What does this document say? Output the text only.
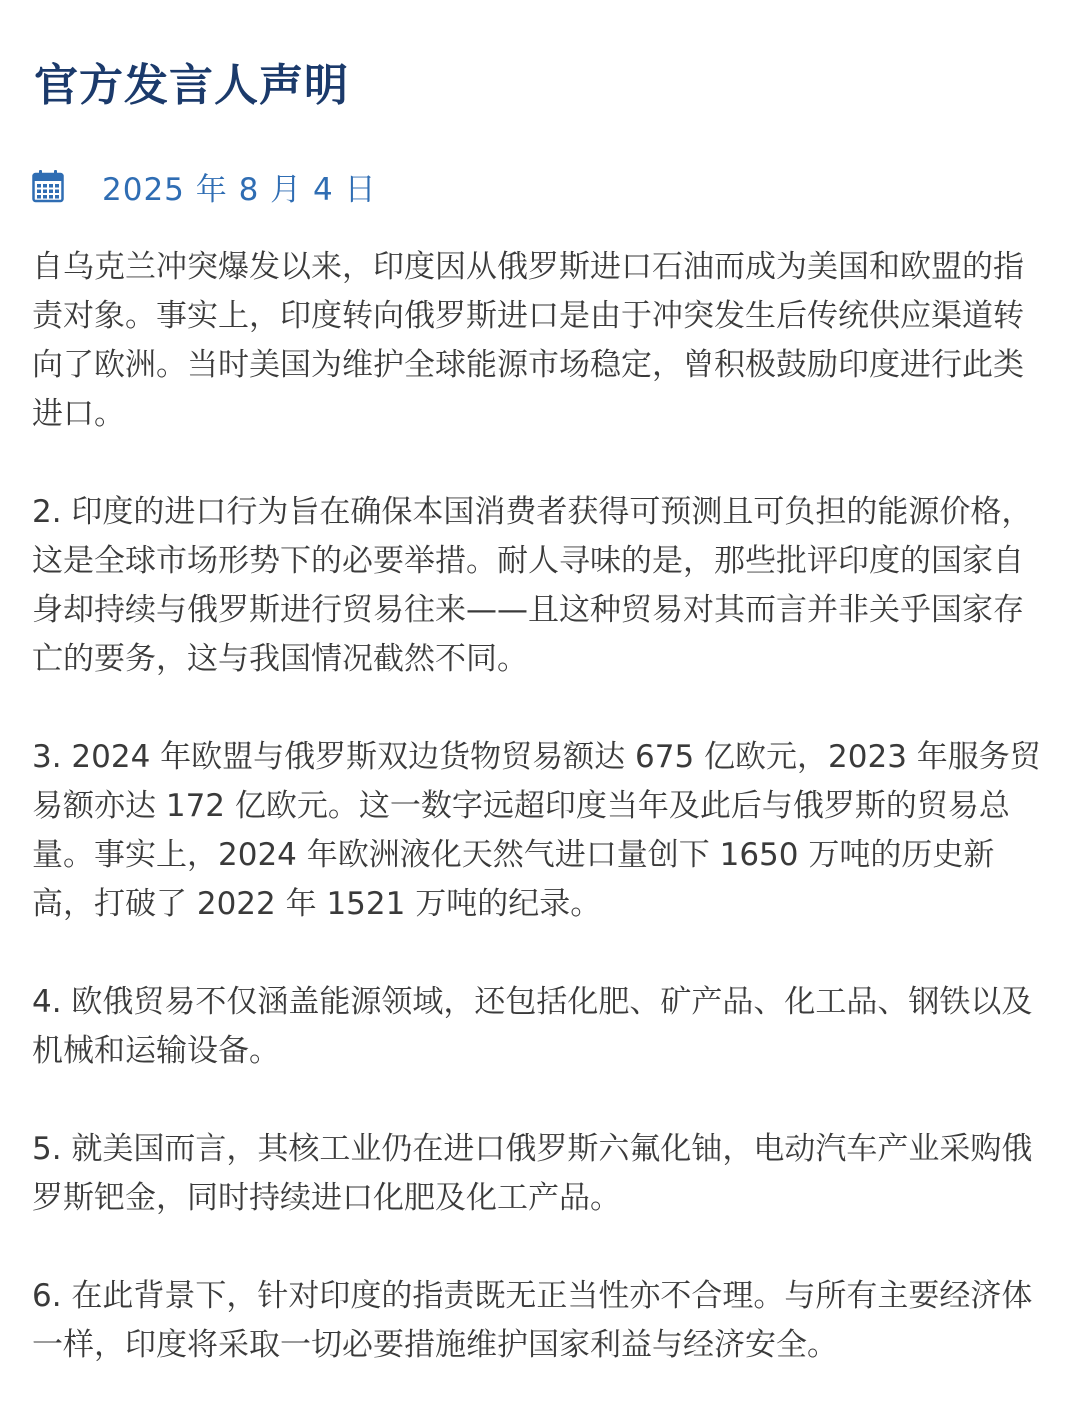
官方发言人声明
2025 年 8 月 4 日

自乌克兰冲突爆发以来，印度因从俄罗斯进口石油而成为美国和欧盟的指责对象。事实上，印度转向俄罗斯进口是由于冲突发生后传统供应渠道转向了欧洲。当时美国为维护全球能源市场稳定，曾积极鼓励印度进行此类进口。

2. 印度的进口行为旨在确保本国消费者获得可预测且可负担的能源价格，这是全球市场形势下的必要举措。耐人寻味的是，那些批评印度的国家自身却持续与俄罗斯进行贸易往来——且这种贸易对其而言并非关乎国家存亡的要务，这与我国情况截然不同。

3. 2024 年欧盟与俄罗斯双边货物贸易额达 675 亿欧元，2023 年服务贸易额亦达 172 亿欧元。这一数字远超印度当年及此后与俄罗斯的贸易总量。事实上，2024 年欧洲液化天然气进口量创下 1650 万吨的历史新高，打破了 2022 年 1521 万吨的纪录。

4. 欧俄贸易不仅涵盖能源领域，还包括化肥、矿产品、化工品、钢铁以及机械和运输设备。

5. 就美国而言，其核工业仍在进口俄罗斯六氟化铀，电动汽车产业采购俄罗斯钯金，同时持续进口化肥及化工产品。

6. 在此背景下，针对印度的指责既无正当性亦不合理。与所有主要经济体一样，印度将采取一切必要措施维护国家利益与经济安全。
